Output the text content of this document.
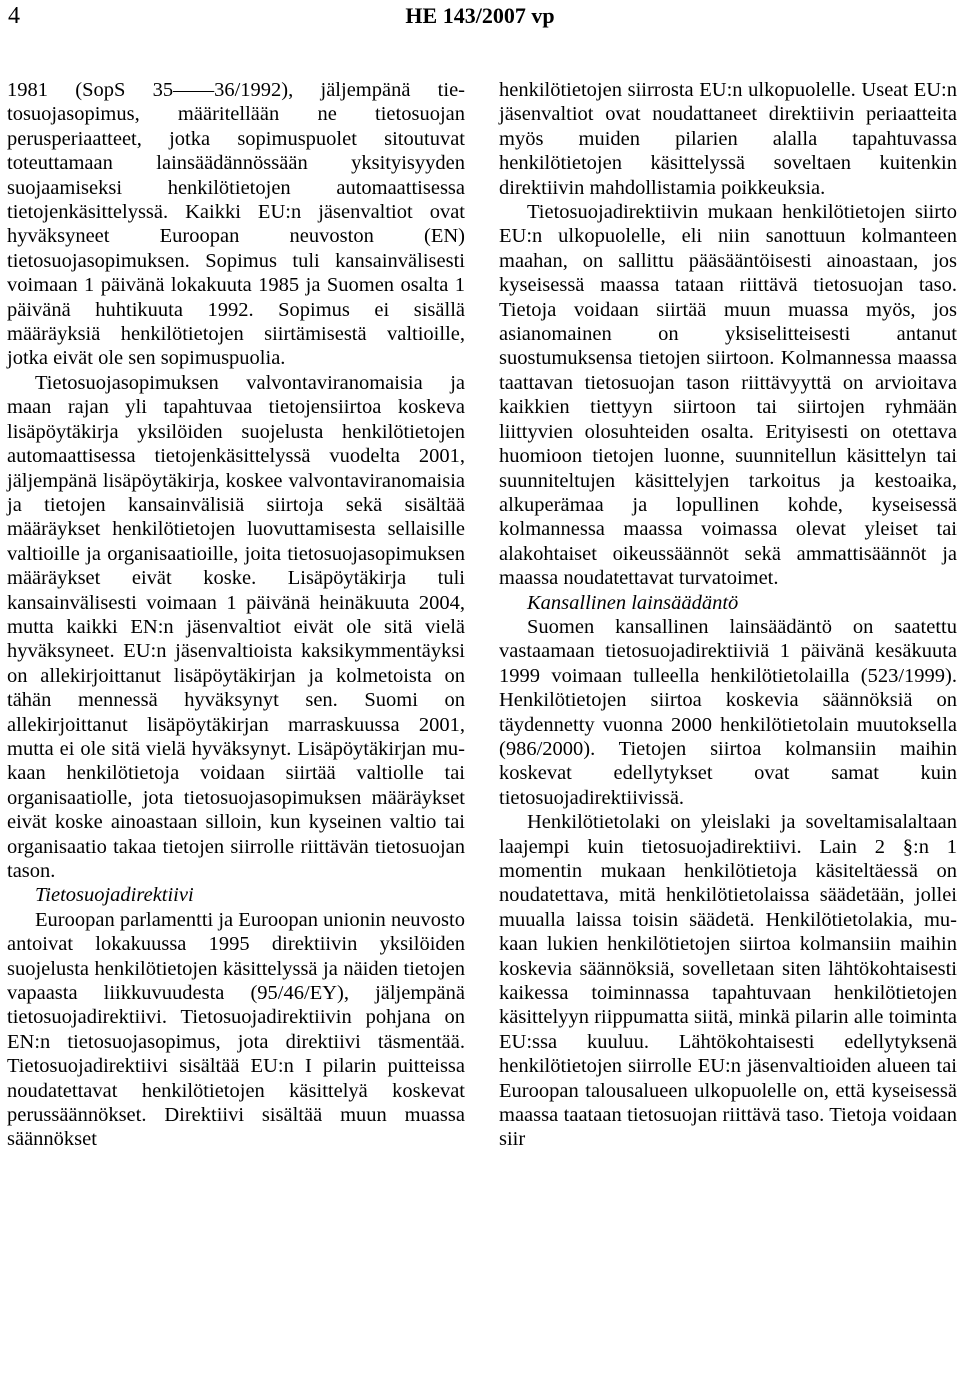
4	HE 143/2007 vp

1981 (SopS 35——36/1992), jäljempänä tietosuojasopimus, määritellään ne tietosuojan perusperiaatteet, jotka sopimuspuolet sitoutuvat toteuttamaan lainsäädännössään yksityisyyden suojaamiseksi henkilötietojen automaattisessa tietojenkäsittelyssä. Kaikki EU:n jäsenvaltiot ovat hyväksyneet Euroopan neuvoston (EN) tietosuojasopimuksen. Sopimus tuli kansainvälisesti voimaan 1 päivänä lokakuuta 1985 ja Suomen osalta 1 päivänä huhtikuuta 1992. Sopimus ei sisällä määräyksiä henkilötietojen siirtämisestä valtioille, jotka eivät ole sen sopimuspuolia.

Tietosuojasopimuksen valvontaviranomaisia ja maan rajan yli tapahtuvaa tietojensiirtoa koskeva lisäpöytäkirja yksilöiden suojelusta henkilötietojen automaattisessa tietojenkäsittelyssä vuodelta 2001, jäljempänä lisäpöytäkirja, koskee valvontaviranomaisia ja tietojen kansainvälisiä siirtoja sekä sisältää määräykset henkilötietojen luovuttamisesta sellaisille valtioille ja organisaatioille, joita tietosuojasopimuksen määräykset eivät koske. Lisäpöytäkirja tuli kansainvälisesti voimaan 1 päivänä heinäkuuta 2004, mutta kaikki EN:n jäsenvaltiot eivät ole sitä vielä hyväksyneet. EU:n jäsenvaltioista kaksikymmentäyksi on allekirjoittanut lisäpöytäkirjan ja kolmetoista on tähän mennessä hyväksynyt sen. Suomi on allekirjoittanut lisäpöytäkirjan marraskuussa 2001, mutta ei ole sitä vielä hyväksynyt. Lisäpöytäkirjan mukaan henkilötietoja voidaan siirtää valtiolle tai organisaatiolle, jota tietosuojasopimuksen määräykset eivät koske ainoastaan silloin, kun kyseinen valtio tai organisaatio takaa tietojen siirrolle riittävän tietosuojan tason.

Tietosuojadirektiivi

Euroopan parlamentti ja Euroopan unionin neuvosto antoivat lokakuussa 1995 direktiivin yksilöiden suojelusta henkilötietojen käsittelyssä ja näiden tietojen vapaasta liikkuvuudesta (95/46/EY), jäljempänä tietosuojadirektiivi. Tietosuojadirektiivin pohjana on EN:n tietosuojasopimus, jota direktiivi täsmentää. Tietosuojadirektiivi sisältää EU:n I pilarin puitteissa noudatettavat henkilötietojen käsittelyä koskevat perussäännökset. Direktiivi sisältää muun muassa säännökset

henkilötietojen siirrosta EU:n ulkopuolelle. Useat EU:n jäsenvaltiot ovat noudattaneet direktiivin periaatteita myös muiden pilarien alalla tapahtuvassa henkilötietojen käsittelyssä soveltaen kuitenkin direktiivin mahdollistamia poikkeuksia.

Tietosuojadirektiivin mukaan henkilötietojen siirto EU:n ulkopuolelle, eli niin sanottuun kolmanteen maahan, on sallittu pääsääntöisesti ainoastaan, jos kyseisessä maassa tataan riittävä tietosuojan taso. Tietoja voidaan siirtää muun muassa myös, jos asianomainen on yksiselitteisesti antanut suostumuksensa tietojen siirtoon. Kolmannessa maassa taattavan tietosuojan tason riittävyyttä on arvioitava kaikkien tiettyyn siirtoon tai siirtojen ryhmään liittyvien olosuhteiden osalta. Erityisesti on otettava huomioon tietojen luonne, suunnitellun käsittelyn tai suunniteltujen käsittelyjen tarkoitus ja kestoaika, alkuperämaa ja lopullinen kohde, kyseisessä kolmannessa maassa voimassa olevat yleiset tai alakohtaiset oikeussäännöt sekä ammattisäännöt ja maassa noudatettavat turvatoimet.

Kansallinen lainsäädäntö

Suomen kansallinen lainsäädäntö on saatettu vastaamaan tietosuojadirektiiviä 1 päivänä kesäkuuta 1999 voimaan tulleella henkilötietolailla (523/1999). Henkilötietojen siirtoa koskevia säännöksiä on täydennetty vuonna 2000 henkilötietolain muutoksella (986/2000). Tietojen siirtoa kolmansiin maihin koskevat edellytykset ovat samat kuin tietosuojadirektiivissä.

Henkilötietolaki on yleislaki ja soveltamisalaltaan laajempi kuin tietosuojadirektiivi. Lain 2 §:n 1 momentin mukaan henkilötietoja käsiteltäessä on noudatettava, mitä henkilötietolaissa säädetään, jollei muualla laissa toisin säädetä. Henkilötietolakia, mukaan lukien henkilötietojen siirtoa kolmansiin maihin koskevia säännöksiä, sovelletaan siten lähtökohtaisesti kaikessa toiminnassa tapahtuvaan henkilötietojen käsittelyyn riippumatta siitä, minkä pilarin alle toiminta EU:ssa kuuluu. Lähtökohtaisesti edellytyksenä henkilötietojen siirrolle EU:n jäsenvaltioiden alueen tai Euroopan talousalueen ulkopuolelle on, että kyseisessä maassa taataan tietosuojan riittävä taso. Tietoja voidaan siir
